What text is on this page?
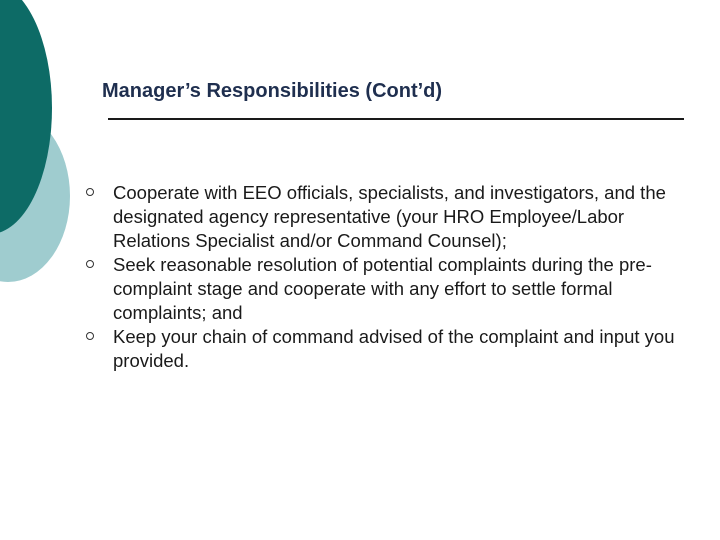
Manager’s Responsibilities (Cont’d)
Cooperate with EEO officials, specialists, and investigators, and the designated agency representative (your HRO Employee/Labor Relations Specialist and/or Command Counsel);
Seek reasonable resolution of potential complaints during the pre-complaint stage and cooperate with any effort to settle formal complaints; and
Keep your chain of command advised of the complaint and input you provided.
